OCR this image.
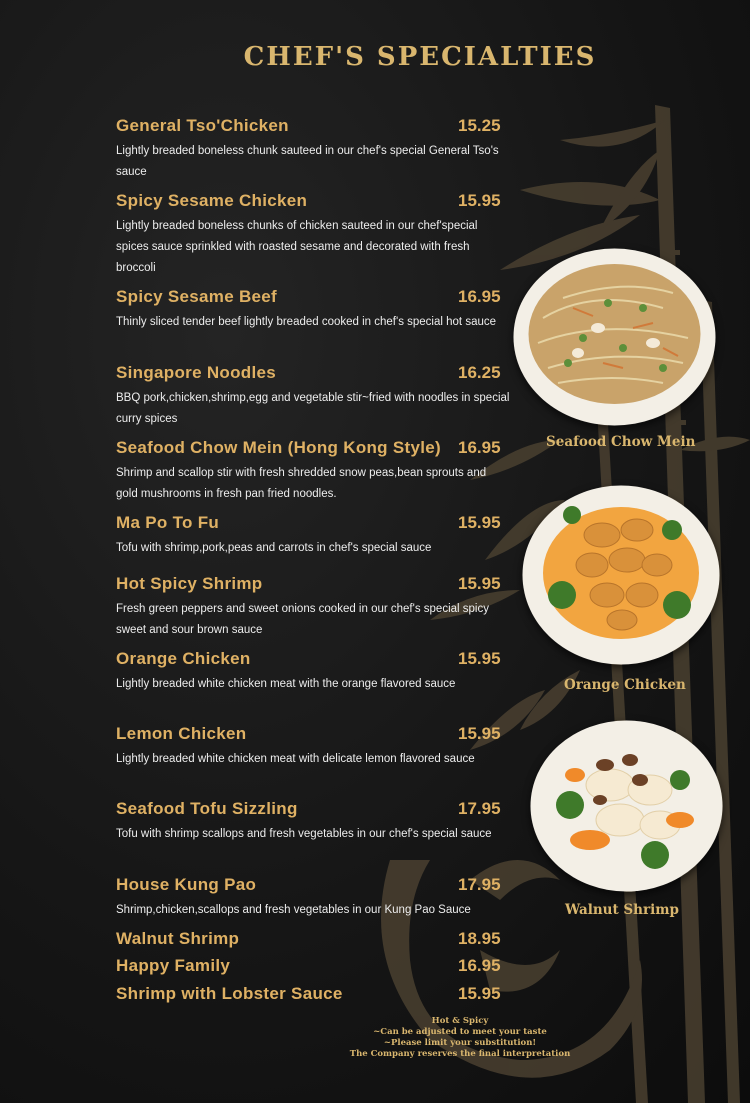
CHEF'S SPECIALTIES
General Tso'Chicken	15.25

Lightly breaded boneless chunk sauteed in our chef's special General Tso's sauce

Spicy Sesame Chicken	15.95

Lightly breaded boneless chunks of chicken sauteed in our chef'special spices sauce sprinkled with roasted sesame and decorated with fresh broccoli

Spicy Sesame Beef	16.95

Thinly sliced tender beef lightly breaded cooked in chef's special hot sauce

Singapore Noodles	16.25

BBQ pork,chicken,shrimp,egg and vegetable stir~fried with noodles in special curry spices

Seafood Chow Mein (Hong Kong Style) 16.95

Shrimp and scallop stir with fresh shredded snow peas,bean sprouts and gold mushrooms in fresh pan fried noodles.

Ma Po To Fu	15.95

Tofu with shrimp,pork,peas and carrots in chef's special sauce

Hot Spicy Shrimp	15.95

Fresh green peppers and sweet onions cooked in our chef's special spicy sweet and sour brown sauce

Orange Chicken	15.95

Lightly breaded white chicken meat with the orange flavored sauce

Lemon Chicken	15.95

Lightly breaded white chicken meat with delicate lemon flavored sauce

Seafood Tofu Sizzling	17.95

Tofu with shrimp scallops and fresh vegetables in our chef's special sauce

House Kung Pao	17.95

Shrimp,chicken,scallops and fresh vegetables in our Kung Pao Sauce

Walnut Shrimp	18.95
Happy Family	16.95
Shrimp with Lobster Sauce	15.95
Seafood Chow Mein
Orange Chicken
Walnut Shrimp
Hot & Spicy
~Can be adjusted to meet your taste
~Please limit your substitution!
The Company reserves the final interpretation
